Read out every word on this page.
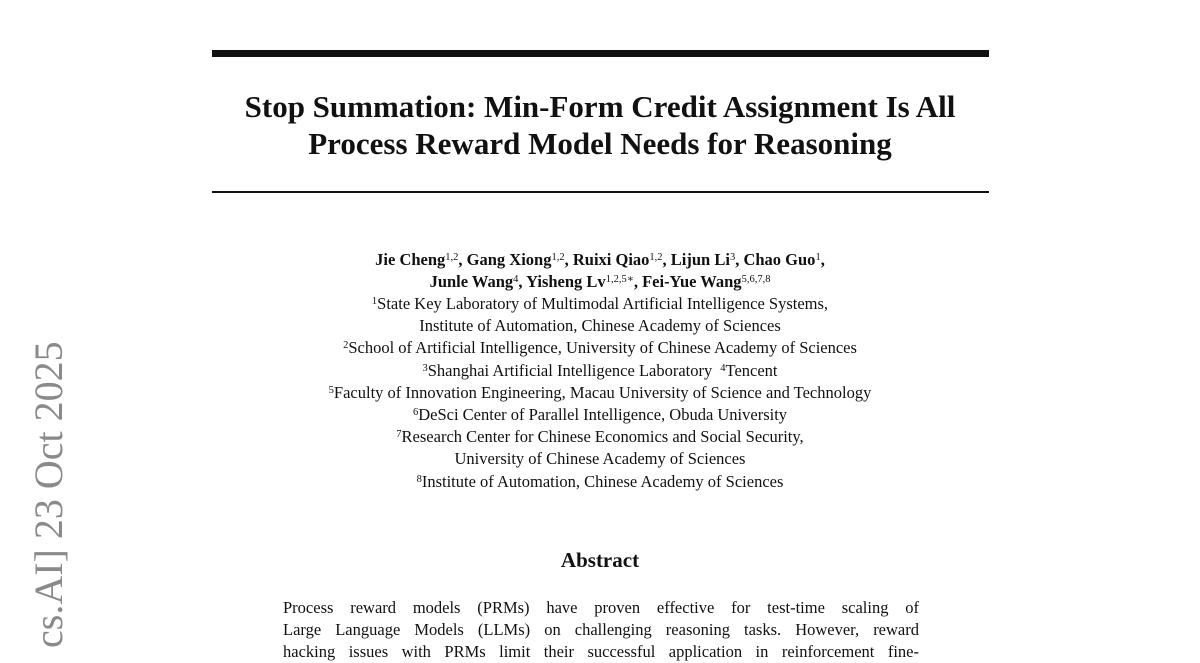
Stop Summation: Min-Form Credit Assignment Is All
Process Reward Model Needs for Reasoning
Jie Cheng$^{1,2}$, Gang Xiong$^{1,2}$, Ruixi Qiao$^{1,2}$, Lijun Li$^3$, Chao Guo$^1$,
Junle Wang$^4$, Yisheng $Lv^{1,2,5∗}$, Fei-Yue Wang$^{5,6,7,8}$
$^1$State Key Laboratory of Multimodal Artificial Intelligence Systems,
Institute of Automation, Chinese Academy of Sciences
$^2$School of Artificial Intelligence, University of Chinese Academy of Sciences
$^3$Shanghai Artificial Intelligence Laboratory $^4$Tencent
$^5$Faculty of Innovation Engineering, Macau University of Science and Technology
$^6$DeSci Center of Parallel Intelligence, Obuda University
$^7$Research Center for Chinese Economics and Social Security,
University of Chinese Academy of Sciences
$^8$Institute of Automation, Chinese Academy of Sciences
Abstract
Process reward models (PRMs) have proven effective for test-time scaling of
Large Language Models (LLMs) on challenging reasoning tasks. However, reward
hacking issues with PRMs limit their successful application in reinforcement fine-
cs.AI] 23 Oct 2025
